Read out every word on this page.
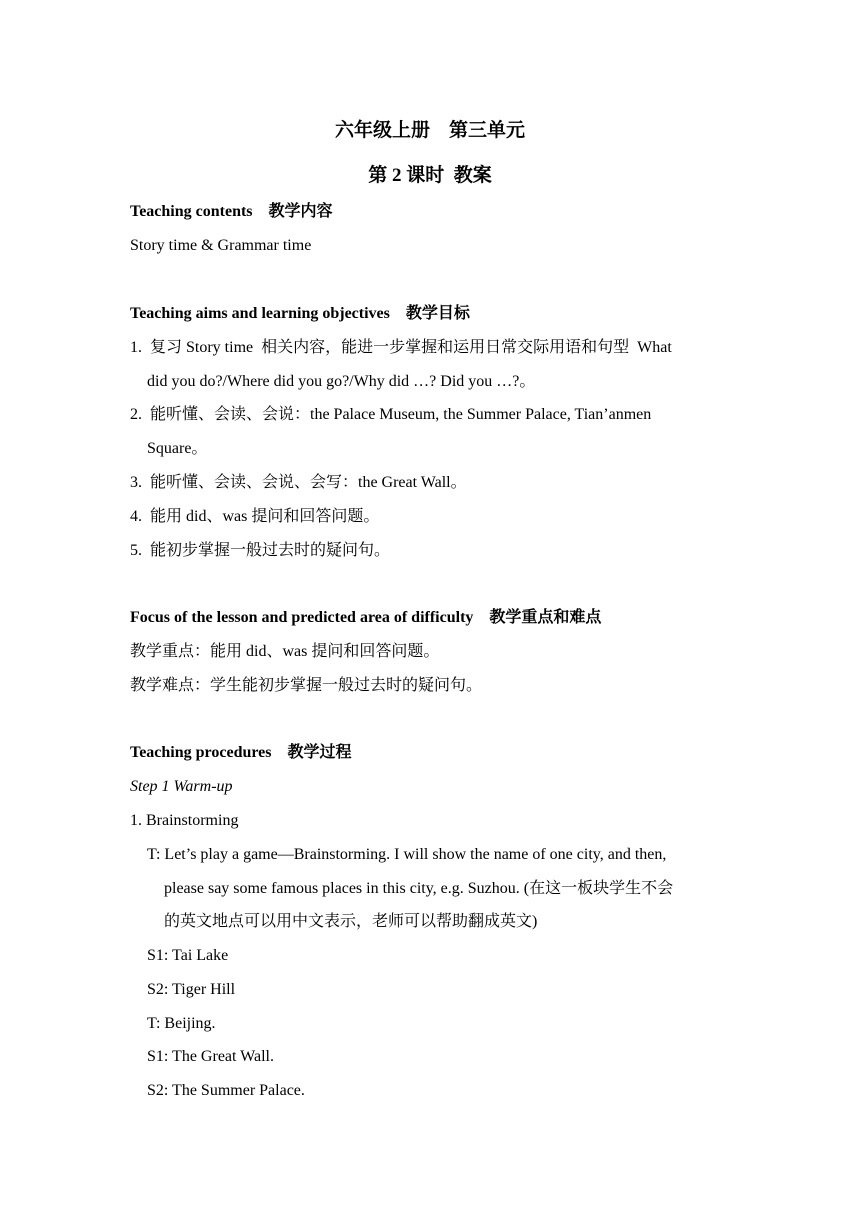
六年级上册　第三单元
第 2 课时  教案
Teaching contents　教学内容
Story time & Grammar time
Teaching aims and learning objectives　教学目标
1.  复习 Story time  相关内容，能进一步掌握和运用日常交际用语和句型  What
did you do?/Where did you go?/Why did …? Did you …?。
2.  能听懂、会读、会说：the Palace Museum, the Summer Palace, Tian’anmen
Square。
3.  能听懂、会读、会说、会写：the Great Wall。
4.  能用 did、was 提问和回答问题。
5.  能初步掌握一般过去时的疑问句。
Focus of the lesson and predicted area of difficulty　教学重点和难点
教学重点：能用 did、was 提问和回答问题。
教学难点：学生能初步掌握一般过去时的疑问句。
Teaching procedures　教学过程
Step 1 Warm-up
1. Brainstorming
T: Let’s play a game—Brainstorming. I will show the name of one city, and then,
please say some famous places in this city, e.g. Suzhou. (在这一板块学生不会
的英文地点可以用中文表示，老师可以帮助翻成英文)
S1: Tai Lake
S2: Tiger Hill
T: Beijing.
S1: The Great Wall.
S2: The Summer Palace.
